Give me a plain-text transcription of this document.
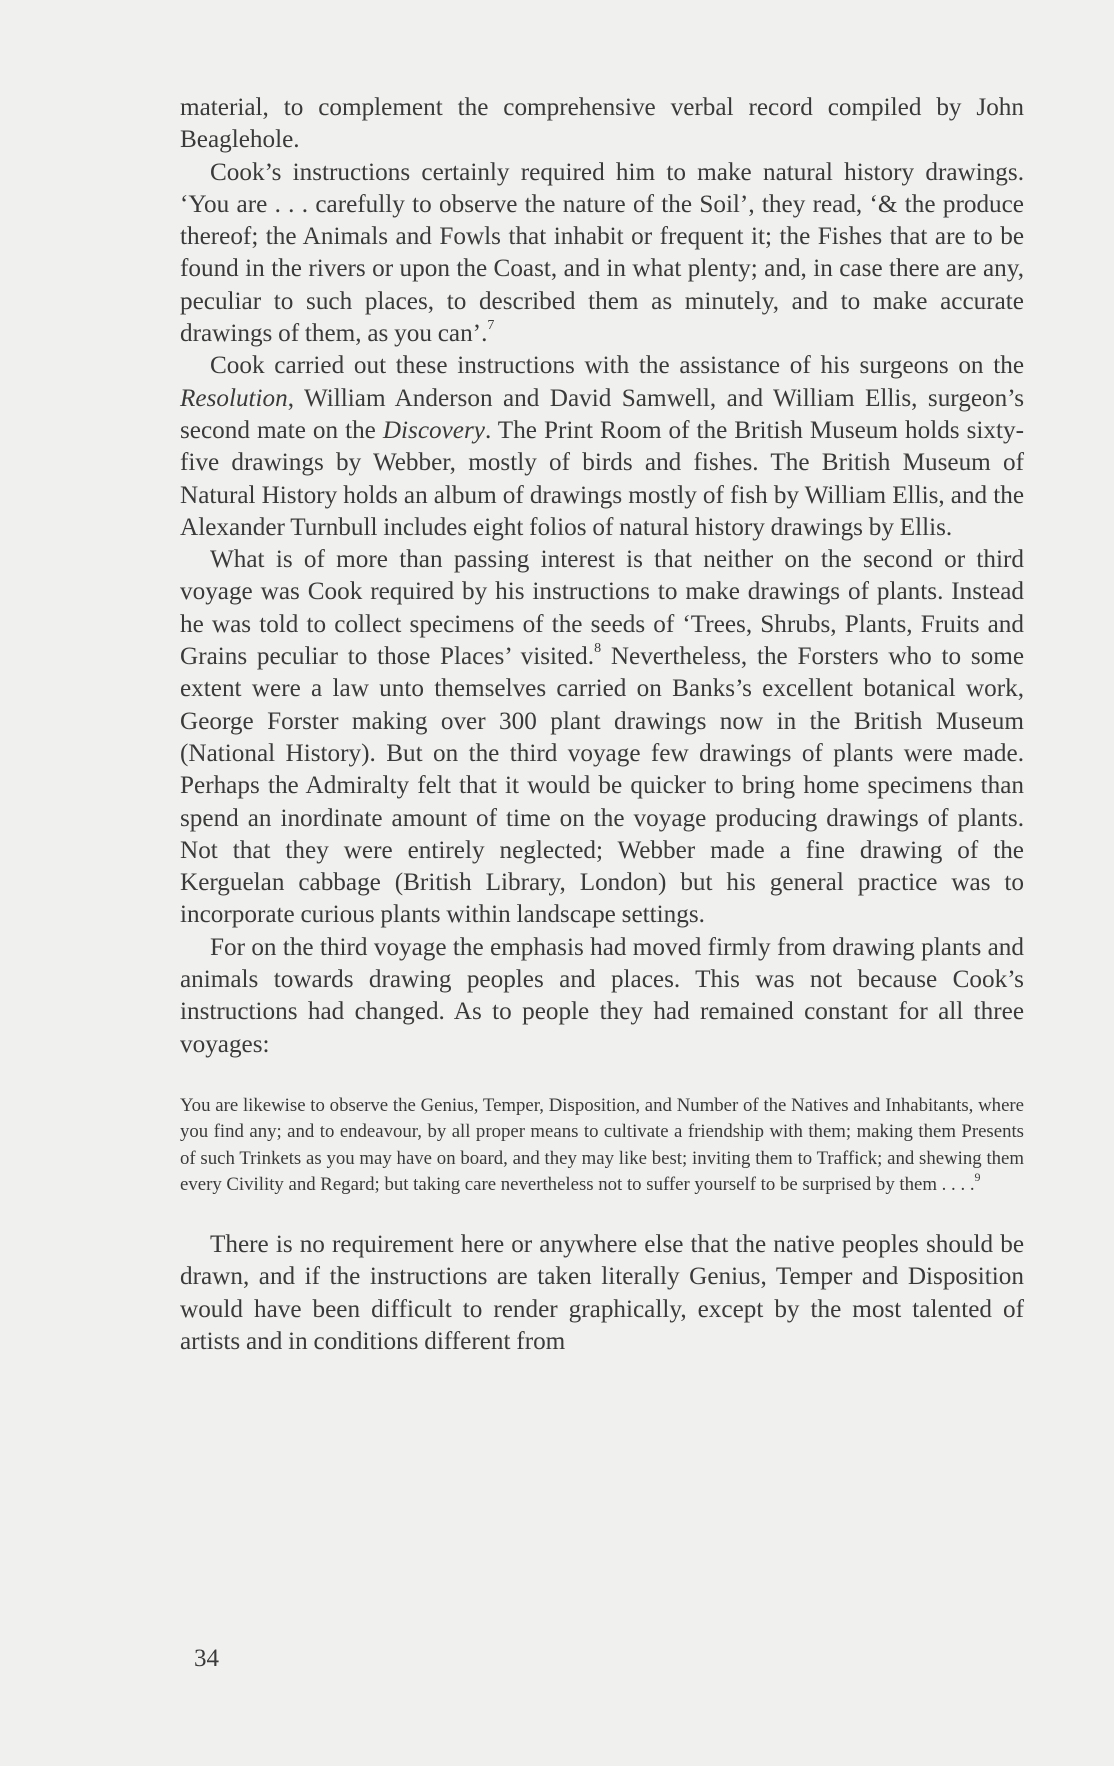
material, to complement the comprehensive verbal record compiled by John Beaglehole.

Cook’s instructions certainly required him to make natural history drawings. ‘You are . . . carefully to observe the nature of the Soil’, they read, ‘& the produce thereof; the Animals and Fowls that inhabit or frequent it; the Fishes that are to be found in the rivers or upon the Coast, and in what plenty; and, in case there are any, peculiar to such places, to described them as minutely, and to make accurate drawings of them, as you can’.$^7$

Cook carried out these instructions with the assistance of his surgeons on the Resolution, William Anderson and David Samwell, and William Ellis, surgeon’s second mate on the Discovery. The Print Room of the British Museum holds sixty-five drawings by Webber, mostly of birds and fishes. The British Museum of Natural History holds an album of drawings mostly of fish by William Ellis, and the Alexander Turnbull includes eight folios of natural history drawings by Ellis.

What is of more than passing interest is that neither on the second or third voyage was Cook required by his instructions to make drawings of plants. Instead he was told to collect specimens of the seeds of ‘Trees, Shrubs, Plants, Fruits and Grains peculiar to those Places’ visited.$^8$ Nevertheless, the Forsters who to some extent were a law unto themselves carried on Banks’s excellent botanical work, George Forster making over 300 plant drawings now in the British Museum (National History). But on the third voyage few drawings of plants were made. Perhaps the Admiralty felt that it would be quicker to bring home specimens than spend an inordinate amount of time on the voyage producing drawings of plants. Not that they were entirely neglected; Webber made a fine drawing of the Kerguelan cabbage (British Library, London) but his general practice was to incorporate curious plants within landscape settings.

For on the third voyage the emphasis had moved firmly from drawing plants and animals towards drawing peoples and places. This was not because Cook’s instructions had changed. As to people they had remained constant for all three voyages:

You are likewise to observe the Genius, Temper, Disposition, and Number of the Natives and Inhabitants, where you find any; and to endeavour, by all proper means to cultivate a friendship with them; making them Presents of such Trinkets as you may have on board, and they may like best; inviting them to Traffick; and shewing them every Civility and Regard; but taking care nevertheless not to suffer yourself to be surprised by them . . . .$^9$

There is no requirement here or anywhere else that the native peoples should be drawn, and if the instructions are taken literally Genius, Temper and Disposition would have been difficult to render graphically, except by the most talented of artists and in conditions different from

34
